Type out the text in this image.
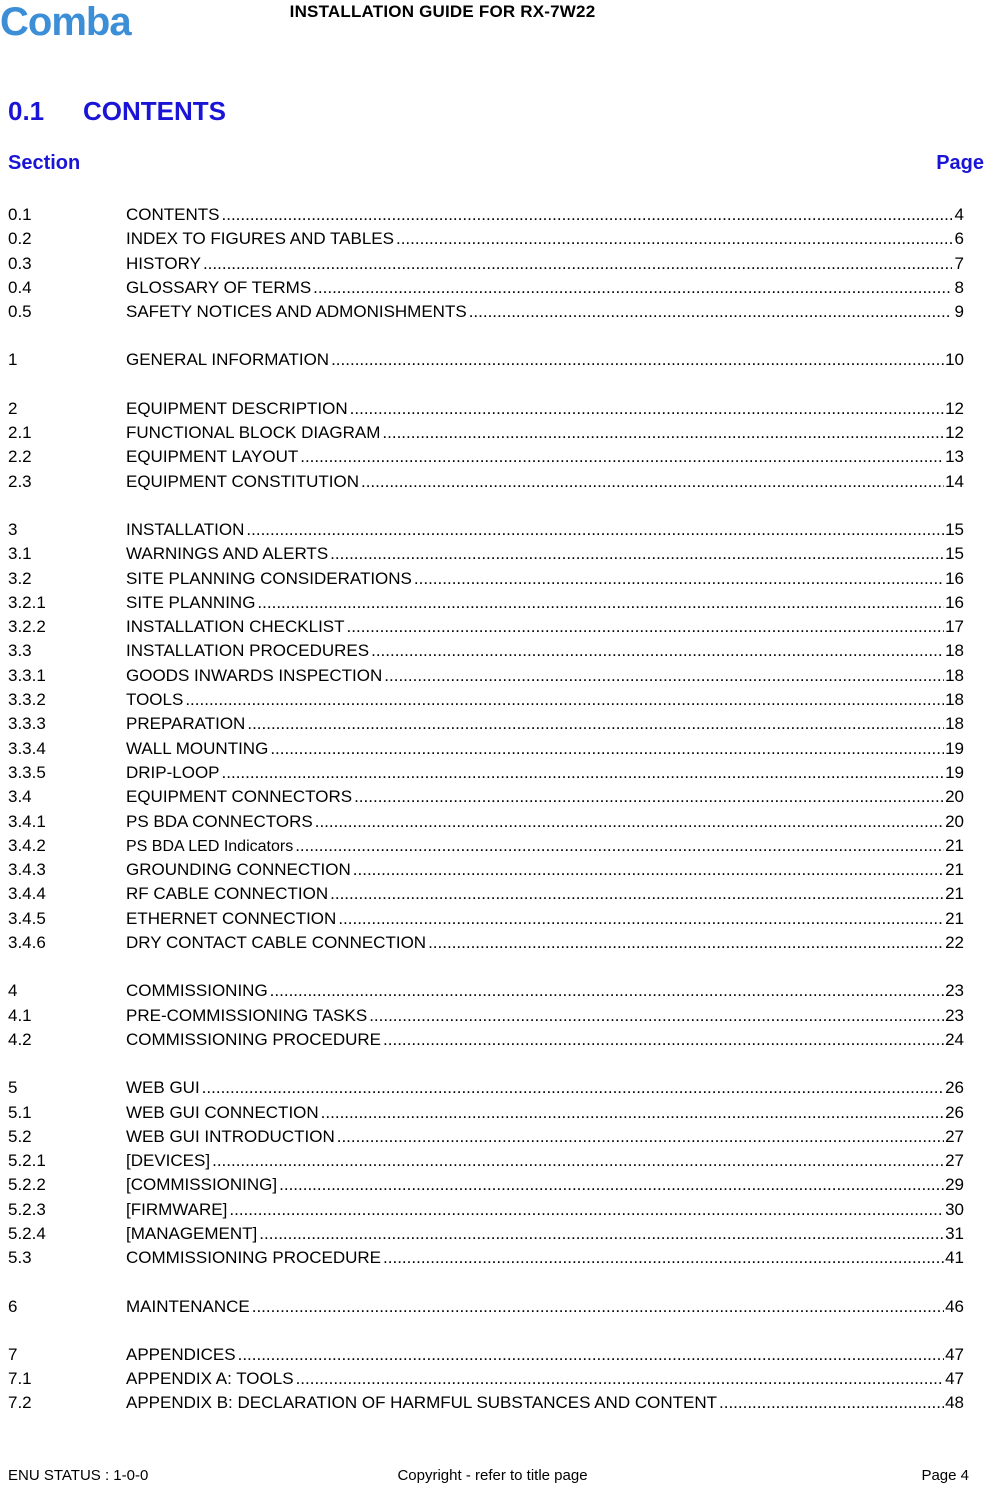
Comba	INSTALLATION GUIDE FOR RX-7W22
0.1 CONTENTS
Section	Page
0.1	CONTENTS .....	4
0.2	INDEX TO FIGURES AND TABLES .....	6
0.3	HISTORY .....	7
0.4	GLOSSARY OF TERMS .....	8
0.5	SAFETY NOTICES AND ADMONISHMENTS .....	9
1	GENERAL INFORMATION .....	10
2	EQUIPMENT DESCRIPTION .....	12
2.1	FUNCTIONAL BLOCK DIAGRAM .....	12
2.2	EQUIPMENT LAYOUT .....	13
2.3	EQUIPMENT CONSTITUTION .....	14
3	INSTALLATION .....	15
3.1	WARNINGS AND ALERTS .....	15
3.2	SITE PLANNING CONSIDERATIONS .....	16
3.2.1	SITE PLANNING .....	16
3.2.2	INSTALLATION CHECKLIST .....	17
3.3	INSTALLATION PROCEDURES .....	18
3.3.1	GOODS INWARDS INSPECTION .....	18
3.3.2	TOOLS .....	18
3.3.3	PREPARATION .....	18
3.3.4	WALL MOUNTING .....	19
3.3.5	DRIP-LOOP .....	19
3.4	EQUIPMENT CONNECTORS .....	20
3.4.1	PS BDA CONNECTORS .....	20
3.4.2	PS BDA LED Indicators .....	21
3.4.3	GROUNDING CONNECTION .....	21
3.4.4	RF CABLE CONNECTION .....	21
3.4.5	ETHERNET CONNECTION .....	21
3.4.6	DRY CONTACT CABLE CONNECTION .....	22
4	COMMISSIONING .....	23
4.1	PRE-COMMISSIONING TASKS .....	23
4.2	COMMISSIONING PROCEDURE .....	24
5	WEB GUI .....	26
5.1	WEB GUI CONNECTION .....	26
5.2	WEB GUI INTRODUCTION .....	27
5.2.1	[DEVICES] .....	27
5.2.2	[COMMISSIONING] .....	29
5.2.3	[FIRMWARE] .....	30
5.2.4	[MANAGEMENT] .....	31
5.3	COMMISSIONING PROCEDURE .....	41
6	MAINTENANCE .....	46
7	APPENDICES .....	47
7.1	APPENDIX A: TOOLS .....	47
7.2	APPENDIX B: DECLARATION OF HARMFUL SUBSTANCES AND CONTENT .....	48
ENU STATUS : 1-0-0	Copyright - refer to title page	Page 4
